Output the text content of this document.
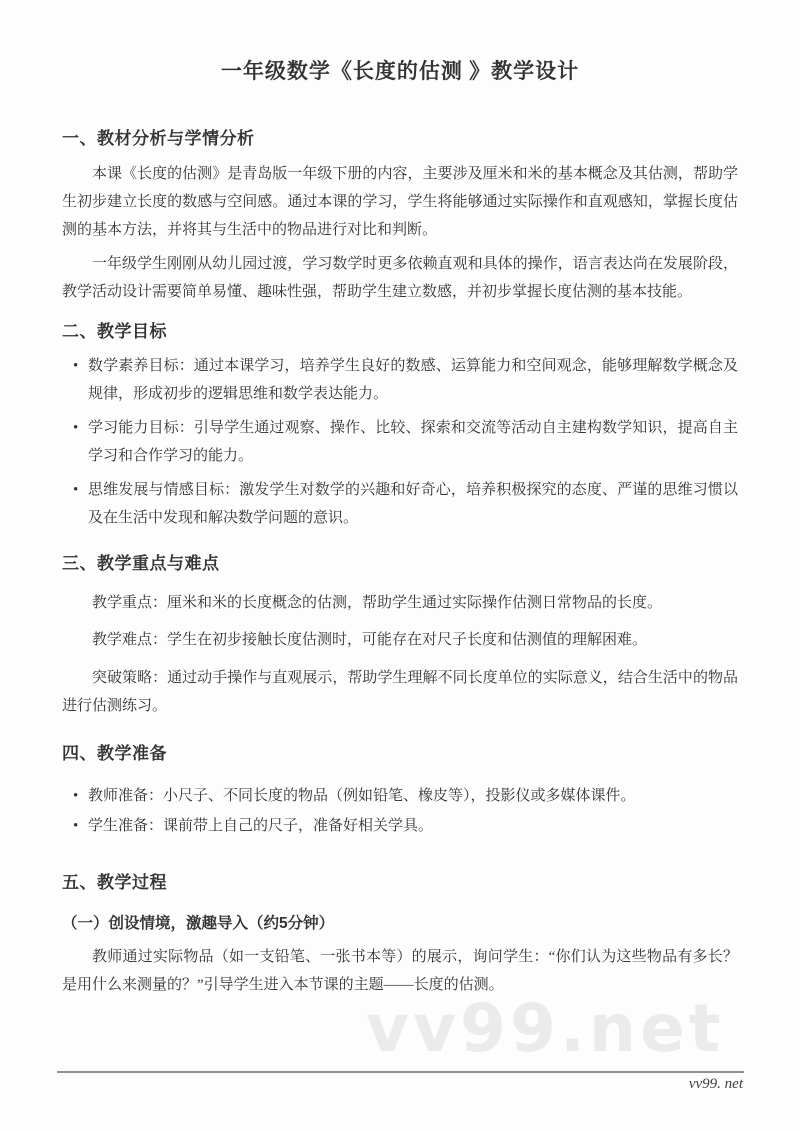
vv99.net
一年级数学《长度的估测 》教学设计
一、教材分析与学情分析

本课《长度的估测》是青岛版一年级下册的内容，主要涉及厘米和米的基本概念及其估测，帮助学生初步建立长度的数感与空间感。通过本课的学习，学生将能够通过实际操作和直观感知，掌握长度估测的基本方法，并将其与生活中的物品进行对比和判断。

一年级学生刚刚从幼儿园过渡，学习数学时更多依赖直观和具体的操作，语言表达尚在发展阶段，教学活动设计需要简单易懂、趣味性强，帮助学生建立数感，并初步掌握长度估测的基本技能。

二、教学目标
• 数学素养目标：通过本课学习，培养学生良好的数感、运算能力和空间观念，能够理解数学概念及规律，形成初步的逻辑思维和数学表达能力。
• 学习能力目标：引导学生通过观察、操作、比较、探索和交流等活动自主建构数学知识，提高自主学习和合作学习的能力。
• 思维发展与情感目标：激发学生对数学的兴趣和好奇心，培养积极探究的态度、严谨的思维习惯以及在生活中发现和解决数学问题的意识。
三、教学重点与难点

教学重点：厘米和米的长度概念的估测，帮助学生通过实际操作估测日常物品的长度。

教学难点：学生在初步接触长度估测时，可能存在对尺子长度和估测值的理解困难。

突破策略：通过动手操作与直观展示，帮助学生理解不同长度单位的实际意义，结合生活中的物品进行估测练习。

四、教学准备
• 教师准备：小尺子、不同长度的物品（例如铅笔、橡皮等），投影仪或多媒体课件。
• 学生准备：课前带上自己的尺子，准备好相关学具。
五、教学过程
（一）创设情境，激趣导入（约5分钟）

教师通过实际物品（如一支铅笔、一张书本等）的展示，询问学生：“你们认为这些物品有多长？是用什么来测量的？”引导学生进入本节课的主题——长度的估测。

vv99. net
